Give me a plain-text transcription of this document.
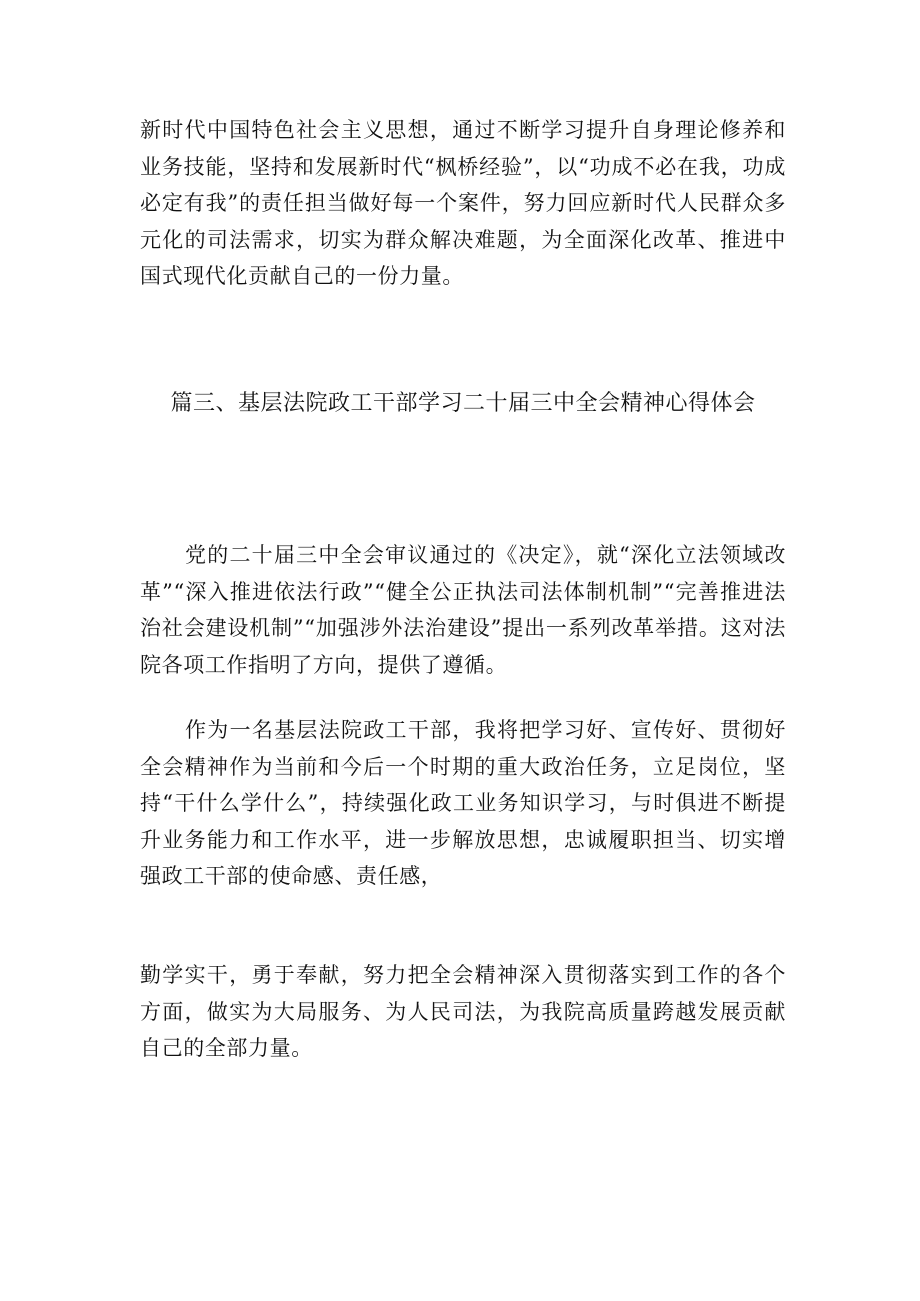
新时代中国特色社会主义思想，通过不断学习提升自身理论修养和业务技能，坚持和发展新时代“枫桥经验”，以“功成不必在我，功成必定有我”的责任担当做好每一个案件，努力回应新时代人民群众多元化的司法需求，切实为群众解决难题，为全面深化改革、推进中国式现代化贡献自己的一份力量。

篇三、基层法院政工干部学习二十届三中全会精神心得体会

党的二十届三中全会审议通过的《决定》，就“深化立法领域改革”“深入推进依法行政”“健全公正执法司法体制机制”“完善推进法治社会建设机制”“加强涉外法治建设”提出一系列改革举措。这对法院各项工作指明了方向，提供了遵循。

作为一名基层法院政工干部，我将把学习好、宣传好、贯彻好全会精神作为当前和今后一个时期的重大政治任务，立足岗位，坚持“干什么学什么”，持续强化政工业务知识学习，与时俱进不断提升业务能力和工作水平，进一步解放思想，忠诚履职担当、切实增强政工干部的使命感、责任感，

勤学实干，勇于奉献，努力把全会精神深入贯彻落实到工作的各个方面，做实为大局服务、为人民司法，为我院高质量跨越发展贡献自己的全部力量。
